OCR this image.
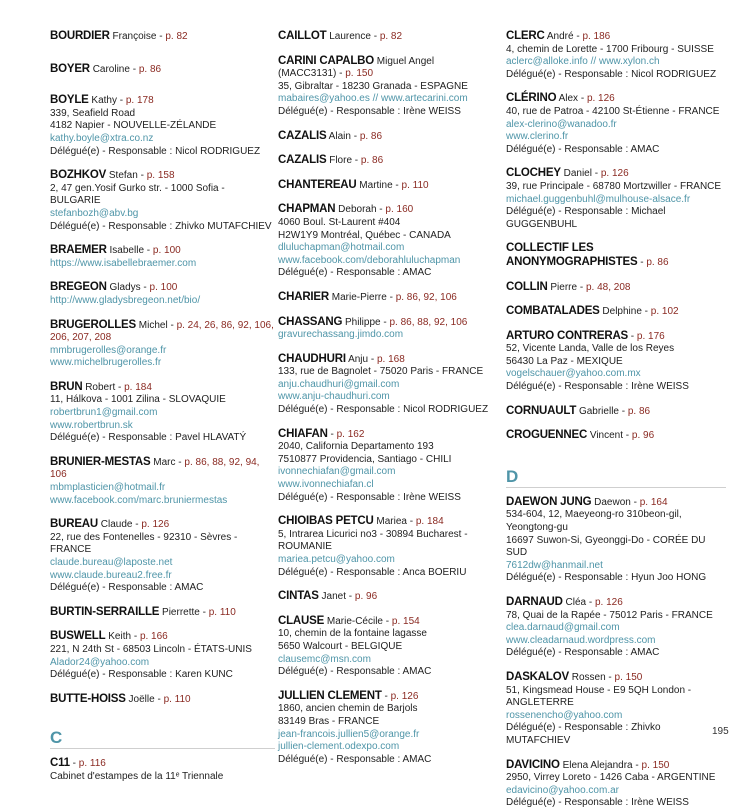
BOURDIER Françoise - p. 82
BOYER Caroline - p. 86
BOYLE Kathy - p. 178
339, Seafield Road
4182 Napier - NOUVELLE-ZÉLANDE
kathy.boyle@xtra.co.nz
Délégué(e) - Responsable : Nicol RODRIGUEZ
BOZHKOV Stefan - p. 158
2, 47 gen.Yosif Gurko str. - 1000 Sofia - BULGARIE
stefanbozh@abv.bg
Délégué(e) - Responsable : Zhivko MUTAFCHIEV
BRAEMER Isabelle - p. 100
https://www.isabellebraemer.com
BREGEON Gladys - p. 100
http://www.gladysbregeon.net/bio/
BRUGEROLLES Michel - p. 24, 26, 86, 92, 106, 206, 207, 208
mmbrugerolles@orange.fr
www.michelbrugerolles.fr
BRUN Robert - p. 184
11, Hálkova - 1001 Zilina - SLOVAQUIE
robertbrun1@gmail.com
www.robertbrun.sk
Délégué(e) - Responsable : Pavel HLAVATÝ
BRUNIER-MESTAS Marc - p. 86, 88, 92, 94, 106
mbmplasticien@hotmail.fr
www.facebook.com/marc.bruniermestas
BUREAU Claude - p. 126
22, rue des Fontenelles - 92310 - Sèvres - FRANCE
claude.bureau@laposte.net
www.claude.bureau2.free.fr
Délégué(e) - Responsable : AMAC
BURTIN-SERRAILLE Pierrette - p. 110
BUSWELL Keith - p. 166
221, N 24th St - 68503 Lincoln - ÉTATS-UNIS
Alador24@yahoo.com
Délégué(e) - Responsable : Karen KUNC
BUTTE-HOISS Joëlle - p. 110
C
C11 - p. 116
Cabinet d'estampes de la 11ᵉ Triennale
CAILLOT Laurence - p. 82
CARINI CAPALBO Miguel Angel
(MACC3131) - p. 150
35, Gibraltar - 18230 Granada - ESPAGNE
mabaires@yahoo.es // www.artecarini.com
Délégué(e) - Responsable : Irène WEISS
CAZALIS Alain - p. 86
CAZALIS Flore - p. 86
CHANTEREAU Martine - p. 110
CHAPMAN Deborah - p. 160
4060 Boul. St-Laurent #404
H2W1Y9 Montréal, Québec - CANADA
dluluchapman@hotmail.com
www.facebook.com/deborahluluchapman
Délégué(e) - Responsable : AMAC
CHARIER Marie-Pierre - p. 86, 92, 106
CHASSANG Philippe - p. 86, 88, 92, 106
gravurechassang.jimdo.com
CHAUDHURI Anju - p. 168
133, rue de Bagnolet - 75020 Paris - FRANCE
anju.chaudhuri@gmail.com
www.anju-chaudhuri.com
Délégué(e) - Responsable : Nicol RODRIGUEZ
CHIAFAN - p. 162
2040, California Departamento 193
7510877 Providencia, Santiago - CHILI
ivonnechiafan@gmail.com
www.ivonnechiafan.cl
Délégué(e) - Responsable : Irène WEISS
CHIOIBAS PETCU Mariea - p. 184
5, Intrarea Licurici no3 - 30894 Bucharest - ROUMANIE
mariea.petcu@yahoo.com
Délégué(e) - Responsable : Anca BOERIU
CINTAS Janet - p. 96
CLAUSE Marie-Cécile - p. 154
10, chemin de la fontaine lagasse
5650 Walcourt - BELGIQUE
clausemc@msn.com
Délégué(e) - Responsable : AMAC
JULLIEN CLEMENT - p. 126
1860, ancien chemin de Barjols
83149 Bras - FRANCE
jean-francois.jullien5@orange.fr
jullien-clement.odexpo.com
Délégué(e) - Responsable : AMAC
CLERC André - p. 186
4, chemin de Lorette - 1700 Fribourg - SUISSE
aclerc@alloke.info // www.xylon.ch
Délégué(e) - Responsable : Nicol RODRIGUEZ
CLÉRINO Alex - p. 126
40, rue de Patroa - 42100 St-Étienne - FRANCE
alex-clerino@wanadoo.fr
www.clerino.fr
Délégué(e) - Responsable : AMAC
CLOCHEY Daniel - p. 126
39, rue Principale - 68780 Mortzwiller - FRANCE
michael.guggenbuhl@mulhouse-alsace.fr
Délégué(e) - Responsable : Michael GUGGENBUHL
COLLECTIF LES ANONYMOGRAPHISTES - p. 86
COLLIN Pierre - p. 48, 208
COMBATALADES Delphine - p. 102
ARTURO CONTRERAS - p. 176
52, Vicente Landa, Valle de los Reyes
56430 La Paz - MEXIQUE
vogelschauer@yahoo.com.mx
Délégué(e) - Responsable : Irène WEISS
CORNUAULT Gabrielle - p. 86
CROGUENNEC Vincent - p. 96
D
DAEWON JUNG Daewon - p. 164
534-604, 12, Maeyeong-ro 310beon-gil, Yeongtong-gu
16697 Suwon-Si, Gyeonggi-Do - CORÉE DU SUD
7612dw@hanmail.net
Délégué(e) - Responsable : Hyun Joo HONG
DARNAUD Cléa - p. 126
78, Quai de la Rapée - 75012 Paris - FRANCE
clea.darnaud@gmail.com
www.cleadarnaud.wordpress.com
Délégué(e) - Responsable : AMAC
DASKALOV Rossen - p. 150
51, Kingsmead House - E9 5QH London - ANGLETERRE
rossenencho@yahoo.com
Délégué(e) - Responsable : Zhivko MUTAFCHIEV
DAVICINO Elena Alejandra - p. 150
2950, Virrey Loreto - 1426 Caba - ARGENTINE
edavicino@yahoo.com.ar
Délégué(e) - Responsable : Irène WEISS
195
